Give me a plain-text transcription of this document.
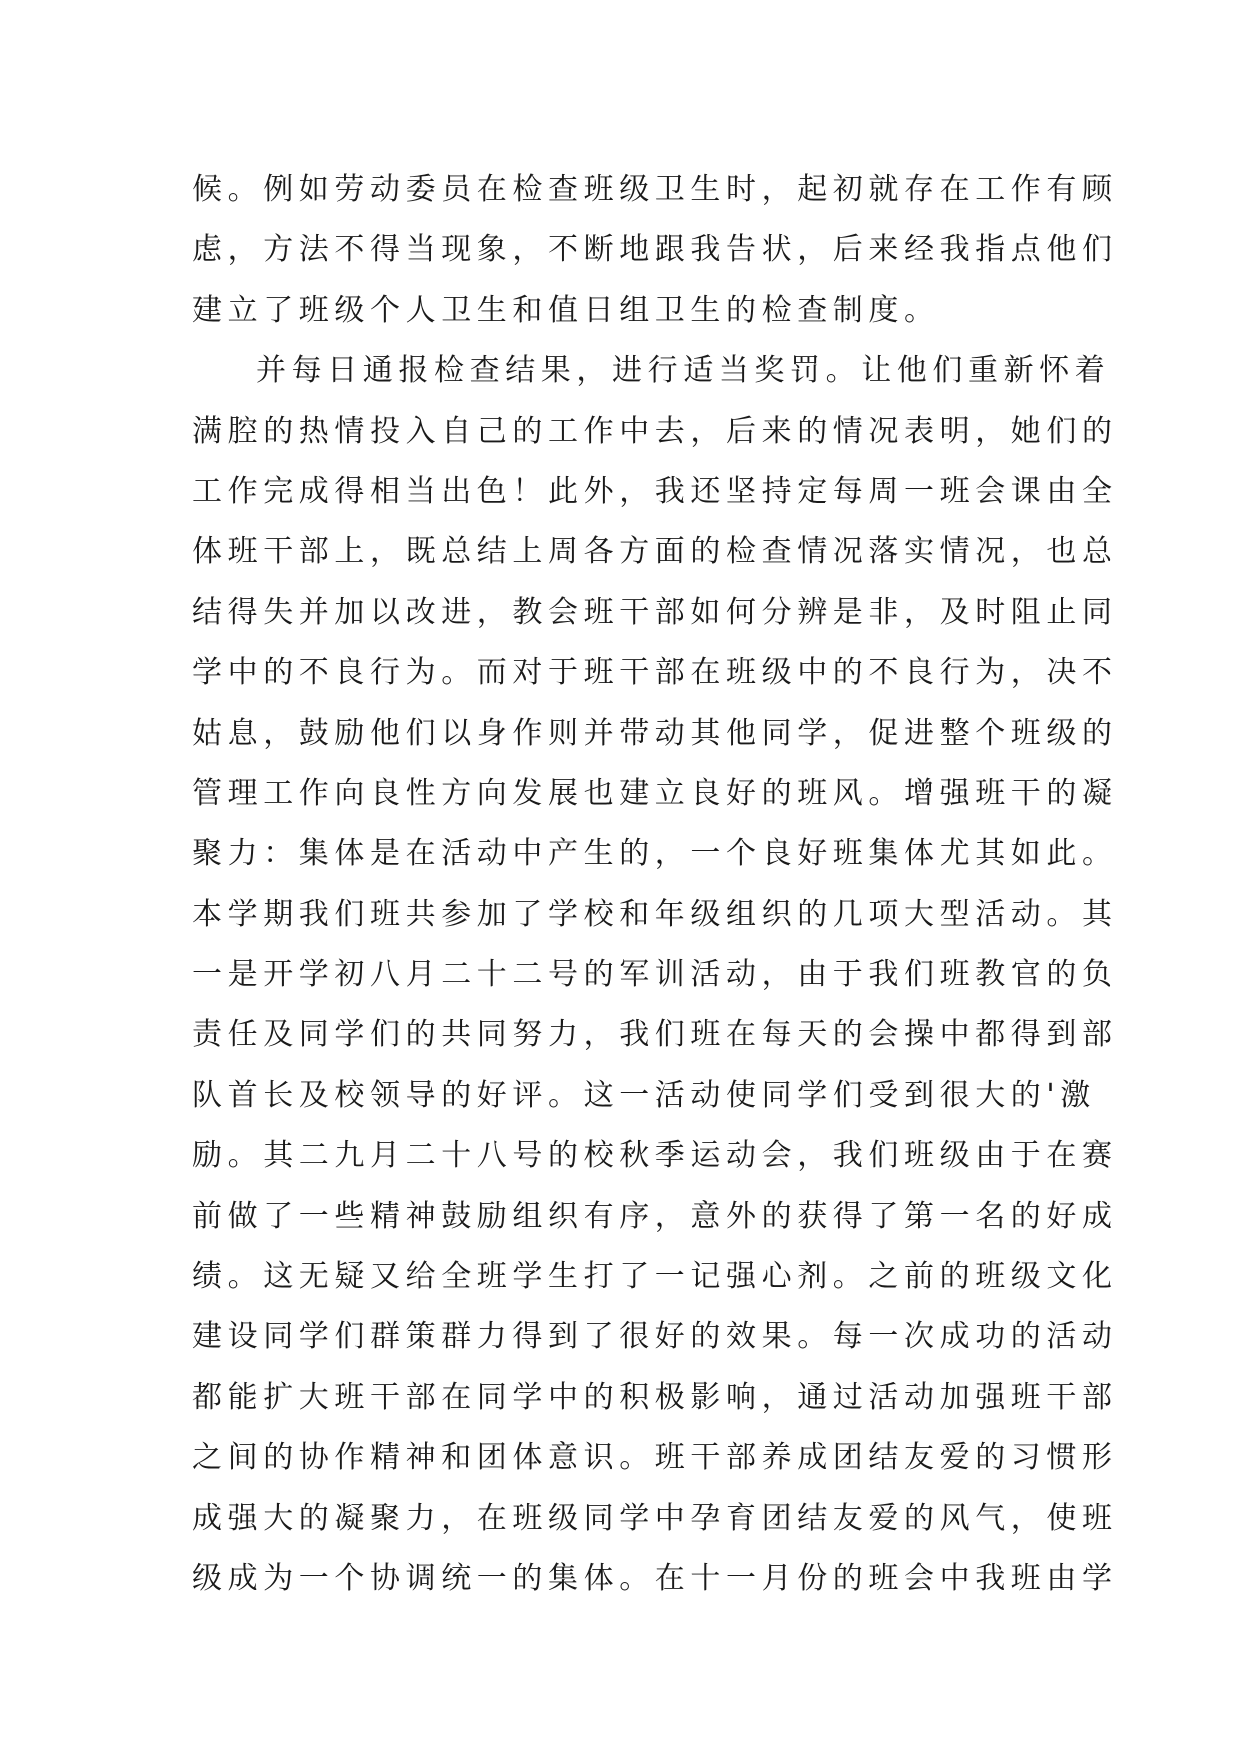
候。例如劳动委员在检查班级卫生时，起初就存在工作有顾
虑，方法不得当现象，不断地跟我告状，后来经我指点他们
建立了班级个人卫生和值日组卫生的检查制度。
并每日通报检查结果，进行适当奖罚。让他们重新怀着
满腔的热情投入自己的工作中去，后来的情况表明，她们的
工作完成得相当出色！此外，我还坚持定每周一班会课由全
体班干部上，既总结上周各方面的检查情况落实情况，也总
结得失并加以改进，教会班干部如何分辨是非，及时阻止同
学中的不良行为。而对于班干部在班级中的不良行为，决不
姑息，鼓励他们以身作则并带动其他同学，促进整个班级的
管理工作向良性方向发展也建立良好的班风。增强班干的凝
聚力：集体是在活动中产生的，一个良好班集体尤其如此。
本学期我们班共参加了学校和年级组织的几项大型活动。其
一是开学初八月二十二号的军训活动，由于我们班教官的负
责任及同学们的共同努力，我们班在每天的会操中都得到部
队首长及校领导的好评。这一活动使同学们受到很大的'激
励。其二九月二十八号的校秋季运动会，我们班级由于在赛
前做了一些精神鼓励组织有序，意外的获得了第一名的好成
绩。这无疑又给全班学生打了一记强心剂。之前的班级文化
建设同学们群策群力得到了很好的效果。每一次成功的活动
都能扩大班干部在同学中的积极影响，通过活动加强班干部
之间的协作精神和团体意识。班干部养成团结友爱的习惯形
成强大的凝聚力，在班级同学中孕育团结友爱的风气，使班
级成为一个协调统一的集体。在十一月份的班会中我班由学
